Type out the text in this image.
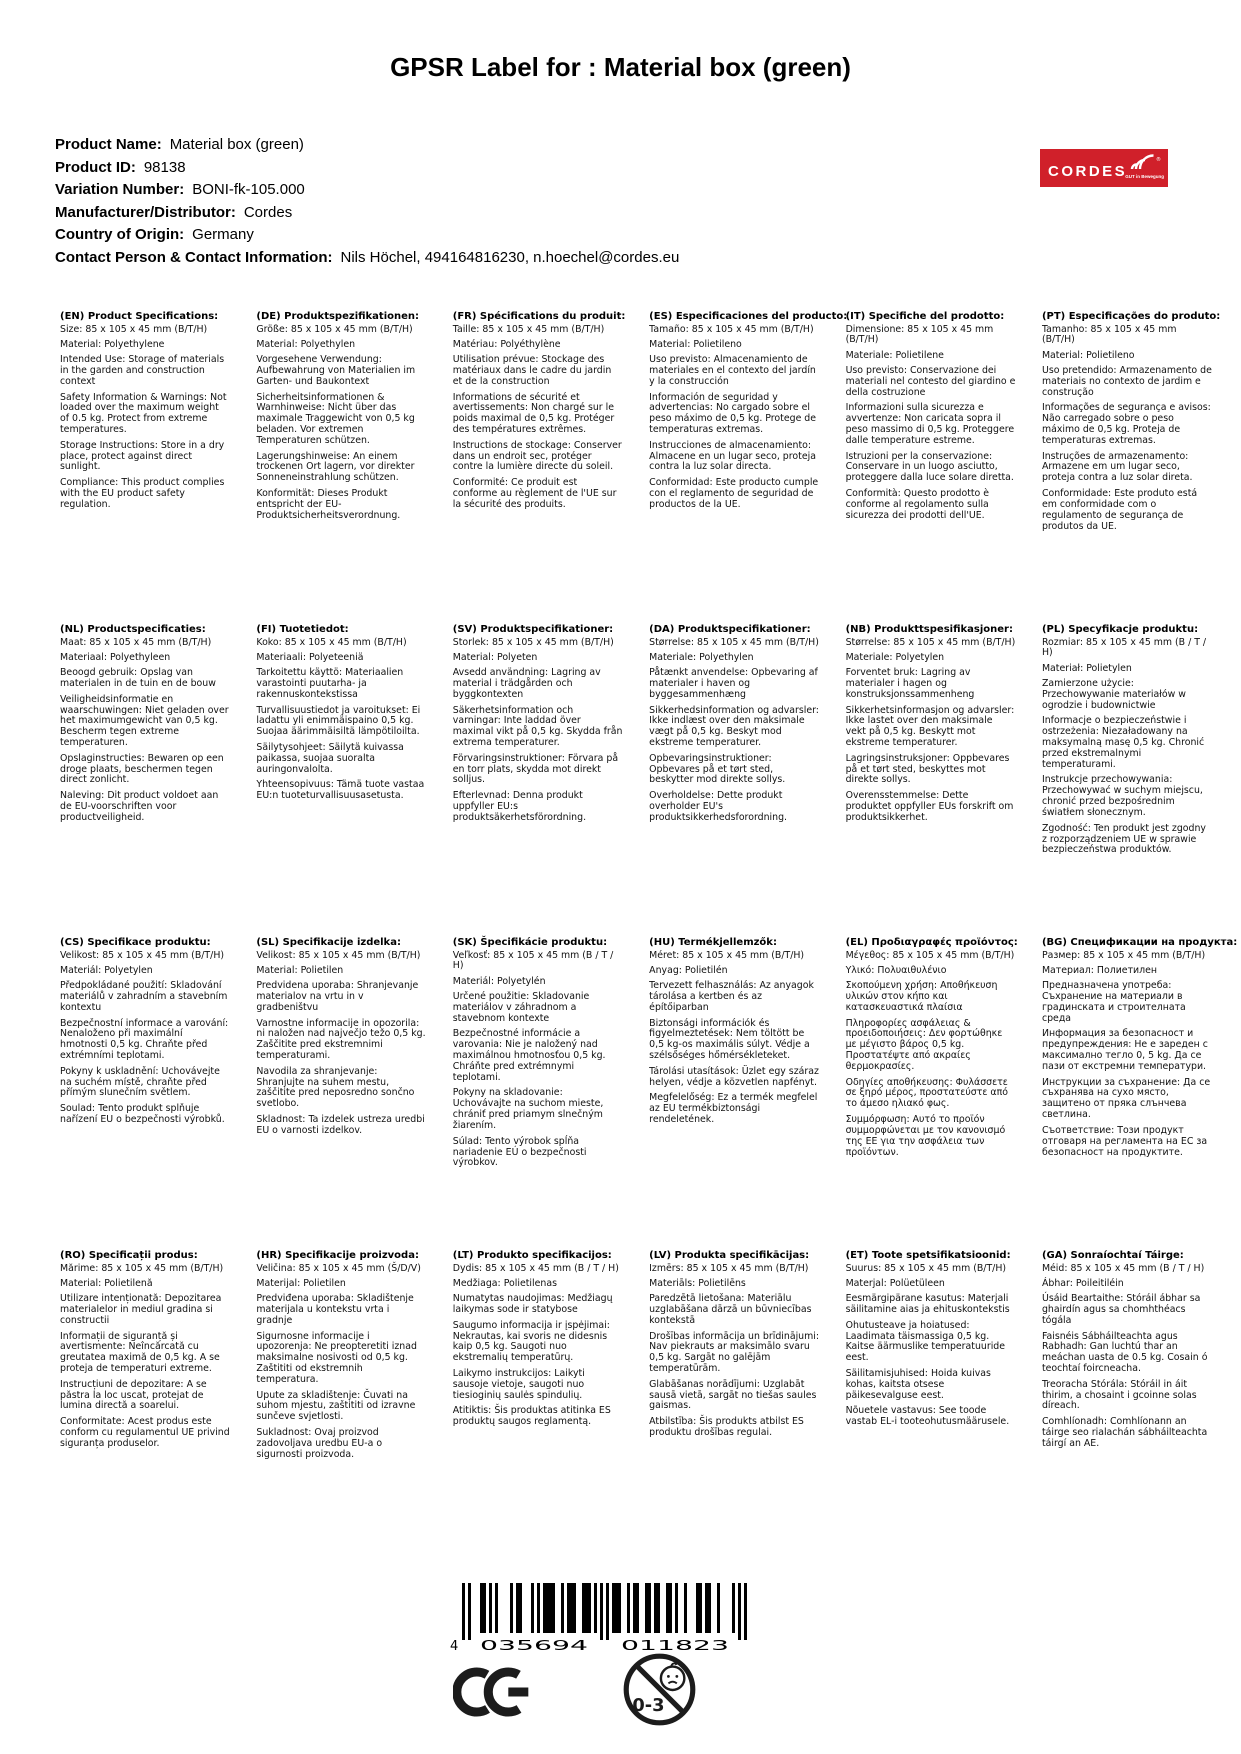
GPSR Label for : Material box (green)
Product Name: Material box (green)
Product ID: 98138
Variation Number: BONI-fk-105.000
Manufacturer/Distributor: Cordes
Country of Origin: Germany
Contact Person & Contact Information: Nils Höchel, 494164816230, n.hoechel@cordes.eu
CORDES
®
GUT in Bewegung
(EN) Product Specifications:

Size: 85 x 105 x 45 mm (B/T/H)

Material: Polyethylene

Intended Use: Storage of materials in the garden and construction context

Safety Information & Warnings: Not loaded over the maximum weight of 0.5 kg. Protect from extreme temperatures.

Storage Instructions: Store in a dry place, protect against direct sunlight.

Compliance: This product complies with the EU product safety regulation.

(DE) Produktspezifikationen:

Größe: 85 x 105 x 45 mm (B/T/H)

Material: Polyethylen

Vorgesehene Verwendung: Aufbewahrung von Materialien im Garten- und Baukontext

Sicherheitsinformationen & Warnhinweise: Nicht über das maximale Traggewicht von 0,5 kg beladen. Vor extremen Temperaturen schützen.

Lagerungshinweise: An einem trockenen Ort lagern, vor direkter Sonneneinstrahlung schützen.

Konformität: Dieses Produkt entspricht der EU-Produktsicherheitsverordnung.

(FR) Spécifications du produit:

Taille: 85 x 105 x 45 mm (B/T/H)

Matériau: Polyéthylène

Utilisation prévue: Stockage des matériaux dans le cadre du jardin et de la construction

Informations de sécurité et avertissements: Non chargé sur le poids maximal de 0,5 kg. Protéger des températures extrêmes.

Instructions de stockage: Conserver dans un endroit sec, protéger contre la lumière directe du soleil.

Conformité: Ce produit est conforme au règlement de l'UE sur la sécurité des produits.

(ES) Especificaciones del producto:

Tamaño: 85 x 105 x 45 mm (B/T/H)

Material: Polietileno

Uso previsto: Almacenamiento de materiales en el contexto del jardín y la construcción

Información de seguridad y advertencias: No cargado sobre el peso máximo de 0,5 kg. Protege de temperaturas extremas.

Instrucciones de almacenamiento: Almacene en un lugar seco, proteja contra la luz solar directa.

Conformidad: Este producto cumple con el reglamento de seguridad de productos de la UE.

(IT) Specifiche del prodotto:

Dimensione: 85 x 105 x 45 mm (B/T/H)

Materiale: Polietilene

Uso previsto: Conservazione dei materiali nel contesto del giardino e della costruzione

Informazioni sulla sicurezza e avvertenze: Non caricata sopra il peso massimo di 0,5 kg. Proteggere dalle temperature estreme.

Istruzioni per la conservazione: Conservare in un luogo asciutto, proteggere dalla luce solare diretta.

Conformità: Questo prodotto è conforme al regolamento sulla sicurezza dei prodotti dell'UE.

(PT) Especificações do produto:

Tamanho: 85 x 105 x 45 mm (B/T/H)

Material: Polietileno

Uso pretendido: Armazenamento de materiais no contexto de jardim e construção

Informações de segurança e avisos: Não carregado sobre o peso máximo de 0,5 kg. Proteja de temperaturas extremas.

Instruções de armazenamento: Armazene em um lugar seco, proteja contra a luz solar direta.

Conformidade: Este produto está em conformidade com o regulamento de segurança de produtos da UE.

(NL) Productspecificaties:

Maat: 85 x 105 x 45 mm (B/T/H)

Materiaal: Polyethyleen

Beoogd gebruik: Opslag van materialen in de tuin en de bouw

Veiligheidsinformatie en waarschuwingen: Niet geladen over het maximumgewicht van 0,5 kg. Bescherm tegen extreme temperaturen.

Opslaginstructies: Bewaren op een droge plaats, beschermen tegen direct zonlicht.

Naleving: Dit product voldoet aan de EU-voorschriften voor productveiligheid.

(FI) Tuotetiedot:

Koko: 85 x 105 x 45 mm (B/T/H)

Materiaali: Polyeteeniä

Tarkoitettu käyttö: Materiaalien varastointi puutarha- ja rakennuskontekstissa

Turvallisuustiedot ja varoitukset: Ei ladattu yli enimmäispaino 0,5 kg. Suojaa äärimmäisiltä lämpötiloilta.

Säilytysohjeet: Säilytä kuivassa paikassa, suojaa suoralta auringonvalolta.

Yhteensopivuus: Tämä tuote vastaa EU:n tuoteturvallisuusasetusta.

(SV) Produktspecifikationer:

Storlek: 85 x 105 x 45 mm (B/T/H)

Material: Polyeten

Avsedd användning: Lagring av material i trädgården och byggkontexten

Säkerhetsinformation och varningar: Inte laddad över maximal vikt på 0,5 kg. Skydda från extrema temperaturer.

Förvaringsinstruktioner: Förvara på en torr plats, skydda mot direkt solljus.

Efterlevnad: Denna produkt uppfyller EU:s produktsäkerhetsförordning.

(DA) Produktspecifikationer:

Størrelse: 85 x 105 x 45 mm (B/T/H)

Materiale: Polyethylen

Påtænkt anvendelse: Opbevaring af materialer i haven og byggesammenhæng

Sikkerhedsinformation og advarsler: Ikke indlæst over den maksimale vægt på 0,5 kg. Beskyt mod ekstreme temperaturer.

Opbevaringsinstruktioner: Opbevares på et tørt sted, beskytter mod direkte sollys.

Overholdelse: Dette produkt overholder EU's produktsikkerhedsforordning.

(NB) Produkttspesifikasjoner:

Størrelse: 85 x 105 x 45 mm (B/T/H)

Materiale: Polyetylen

Forventet bruk: Lagring av materialer i hagen og konstruksjonssammenheng

Sikkerhetsinformasjon og advarsler: Ikke lastet over den maksimale vekt på 0,5 kg. Beskytt mot ekstreme temperaturer.

Lagringsinstruksjoner: Oppbevares på et tørt sted, beskyttes mot direkte sollys.

Overensstemmelse: Dette produktet oppfyller EUs forskrift om produktsikkerhet.

(PL) Specyfikacje produktu:

Rozmiar: 85 x 105 x 45 mm (B / T / H)

Materiał: Polietylen

Zamierzone użycie: Przechowywanie materiałów w ogrodzie i budownictwie

Informacje o bezpieczeństwie i ostrzeżenia: Niezaładowany na maksymalną masę 0,5 kg. Chronić przed ekstremalnymi temperaturami.

Instrukcje przechowywania: Przechowywać w suchym miejscu, chronić przed bezpośrednim światłem słonecznym.

Zgodność: Ten produkt jest zgodny z rozporządzeniem UE w sprawie bezpieczeństwa produktów.

(CS) Specifikace produktu:

Velikost: 85 x 105 x 45 mm (B/T/H)

Materiál: Polyetylen

Předpokládané použití: Skladování materiálů v zahradním a stavebním kontextu

Bezpečnostní informace a varování: Nenaloženo při maximální hmotnosti 0,5 kg. Chraňte před extrémními teplotami.

Pokyny k uskladnění: Uchovávejte na suchém místě, chraňte před přímým slunečním světlem.

Soulad: Tento produkt splňuje nařízení EU o bezpečnosti výrobků.

(SL) Specifikacije izdelka:

Velikost: 85 x 105 x 45 mm (B/T/H)

Material: Polietilen

Predvidena uporaba: Shranjevanje materialov na vrtu in v gradbeništvu

Varnostne informacije in opozorila: ni naložen nad največjo težo 0,5 kg. Zaščitite pred ekstremnimi temperaturami.

Navodila za shranjevanje: Shranjujte na suhem mestu, zaščitite pred neposredno sončno svetlobo.

Skladnost: Ta izdelek ustreza uredbi EU o varnosti izdelkov.

(SK) Špecifikácie produktu:

Veľkosť: 85 x 105 x 45 mm (B / T / H)

Materiál: Polyetylén

Určené použitie: Skladovanie materiálov v záhradnom a stavebnom kontexte

Bezpečnostné informácie a varovania: Nie je naložený nad maximálnou hmotnosťou 0,5 kg. Chráňte pred extrémnymi teplotami.

Pokyny na skladovanie: Uchovávajte na suchom mieste, chrániť pred priamym slnečným žiarením.

Súlad: Tento výrobok spĺňa nariadenie EÚ o bezpečnosti výrobkov.

(HU) Termékjellemzők:

Méret: 85 x 105 x 45 mm (B/T/H)

Anyag: Polietilén

Tervezett felhasználás: Az anyagok tárolása a kertben és az építőiparban

Biztonsági információk és figyelmeztetések: Nem töltött be 0,5 kg-os maximális súlyt. Védje a szélsőséges hőmérsékleteket.

Tárolási utasítások: Üzlet egy száraz helyen, védje a közvetlen napfényt.

Megfelelőség: Ez a termék megfelel az EU termékbiztonsági rendeletének.

(EL) Προδιαγραφές προϊόντος:

Μέγεθος: 85 x 105 x 45 mm (B/T/H)

Υλικό: Πολυαιθυλένιο

Σκοπούμενη χρήση: Αποθήκευση υλικών στον κήπο και κατασκευαστικά πλαίσια

Πληροφορίες ασφάλειας & προειδοποιήσεις: Δεν φορτώθηκε με μέγιστο βάρος 0,5 kg. Προστατέψτε από ακραίες θερμοκρασίες.

Οδηγίες αποθήκευσης: Φυλάσσετε σε ξηρό μέρος, προστατεύστε από το άμεσο ηλιακό φως.

Συμμόρφωση: Αυτό το προϊόν συμμορφώνεται με τον κανονισμό της ΕΕ για την ασφάλεια των προϊόντων.

(BG) Спецификации на продукта:

Размер: 85 x 105 x 45 mm (B/T/H)

Материал: Полиетилен

Предназначена употреба: Съхранение на материали в градинската и строителната среда

Информация за безопасност и предупреждения: Не е зареден с максимално тегло 0, 5 kg. Да се пази от екстремни температури.

Инструкции за съхранение: Да се съхранява на сухо място, защитено от пряка слънчева светлина.

Съответствие: Този продукт отговаря на регламента на ЕС за безопасност на продуктите.

(RO) Specificații produs:

Mărime: 85 x 105 x 45 mm (B/T/H)

Material: Polietilenă

Utilizare intenționată: Depozitarea materialelor in mediul gradina si constructii

Informații de siguranță și avertismente: Neîncărcată cu greutatea maximă de 0,5 kg. A se proteja de temperaturi extreme.

Instrucțiuni de depozitare: A se păstra la loc uscat, protejat de lumina directă a soarelui.

Conformitate: Acest produs este conform cu regulamentul UE privind siguranța produselor.

(HR) Specifikacije proizvoda:

Veličina: 85 x 105 x 45 mm (Š/D/V)

Materijal: Polietilen

Predviđena uporaba: Skladištenje materijala u kontekstu vrta i gradnje

Sigurnosne informacije i upozorenja: Ne preopteretiti iznad maksimalne nosivosti od 0,5 kg. Zaštititi od ekstremnih temperatura.

Upute za skladištenje: Čuvati na suhom mjestu, zaštititi od izravne sunčeve svjetlosti.

Sukladnost: Ovaj proizvod zadovoljava uredbu EU-a o sigurnosti proizvoda.

(LT) Produkto specifikacijos:

Dydis: 85 x 105 x 45 mm (B / T / H)

Medžiaga: Polietilenas

Numatytas naudojimas: Medžiagų laikymas sode ir statybose

Saugumo informacija ir įspėjimai: Nekrautas, kai svoris ne didesnis kaip 0,5 kg. Saugoti nuo ekstremalių temperatūrų.

Laikymo instrukcijos: Laikyti sausoje vietoje, saugoti nuo tiesioginių saulės spindulių.

Atitiktis: Šis produktas atitinka ES produktų saugos reglamentą.

(LV) Produkta specifikācijas:

Izmērs: 85 x 105 x 45 mm (B/T/H)

Materiāls: Polietilēns

Paredzētā lietošana: Materiālu uzglabāšana dārzā un būvniecības kontekstā

Drošības informācija un brīdinājumi: Nav piekrauts ar maksimālo svaru 0,5 kg. Sargāt no galējām temperatūrām.

Glabāšanas norādījumi: Uzglabāt sausā vietā, sargāt no tiešas saules gaismas.

Atbilstība: Šis produkts atbilst ES produktu drošības regulai.

(ET) Toote spetsifikatsioonid:

Suurus: 85 x 105 x 45 mm (B/T/H)

Materjal: Polüetüleen

Eesmärgipärane kasutus: Materjali säilitamine aias ja ehituskontekstis

Ohutusteave ja hoiatused: Laadimata täismassiga 0,5 kg. Kaitse äärmuslike temperatuuride eest.

Säilitamisjuhised: Hoida kuivas kohas, kaitsta otsese päikesevalguse eest.

Nõuetele vastavus: See toode vastab EL-i tooteohutusmäärusele.

(GA) Sonraíochtaí Táirge:

Méid: 85 x 105 x 45 mm (B / T / H)

Ábhar: Poileitiléin

Úsáid Beartaithe: Stóráil ábhar sa ghairdín agus sa chomhthéacs tógála

Faisnéis Sábháilteachta agus Rabhadh: Gan luchtú thar an meáchan uasta de 0.5 kg. Cosain ó teochtaí foircneacha.

Treoracha Stórála: Stóráil in áit thirim, a chosaint i gcoinne solas díreach.

Comhlíonadh: Comhlíonann an táirge seo rialachán sábháilteachta táirgí an AE.

4 035694	011823
0-3
